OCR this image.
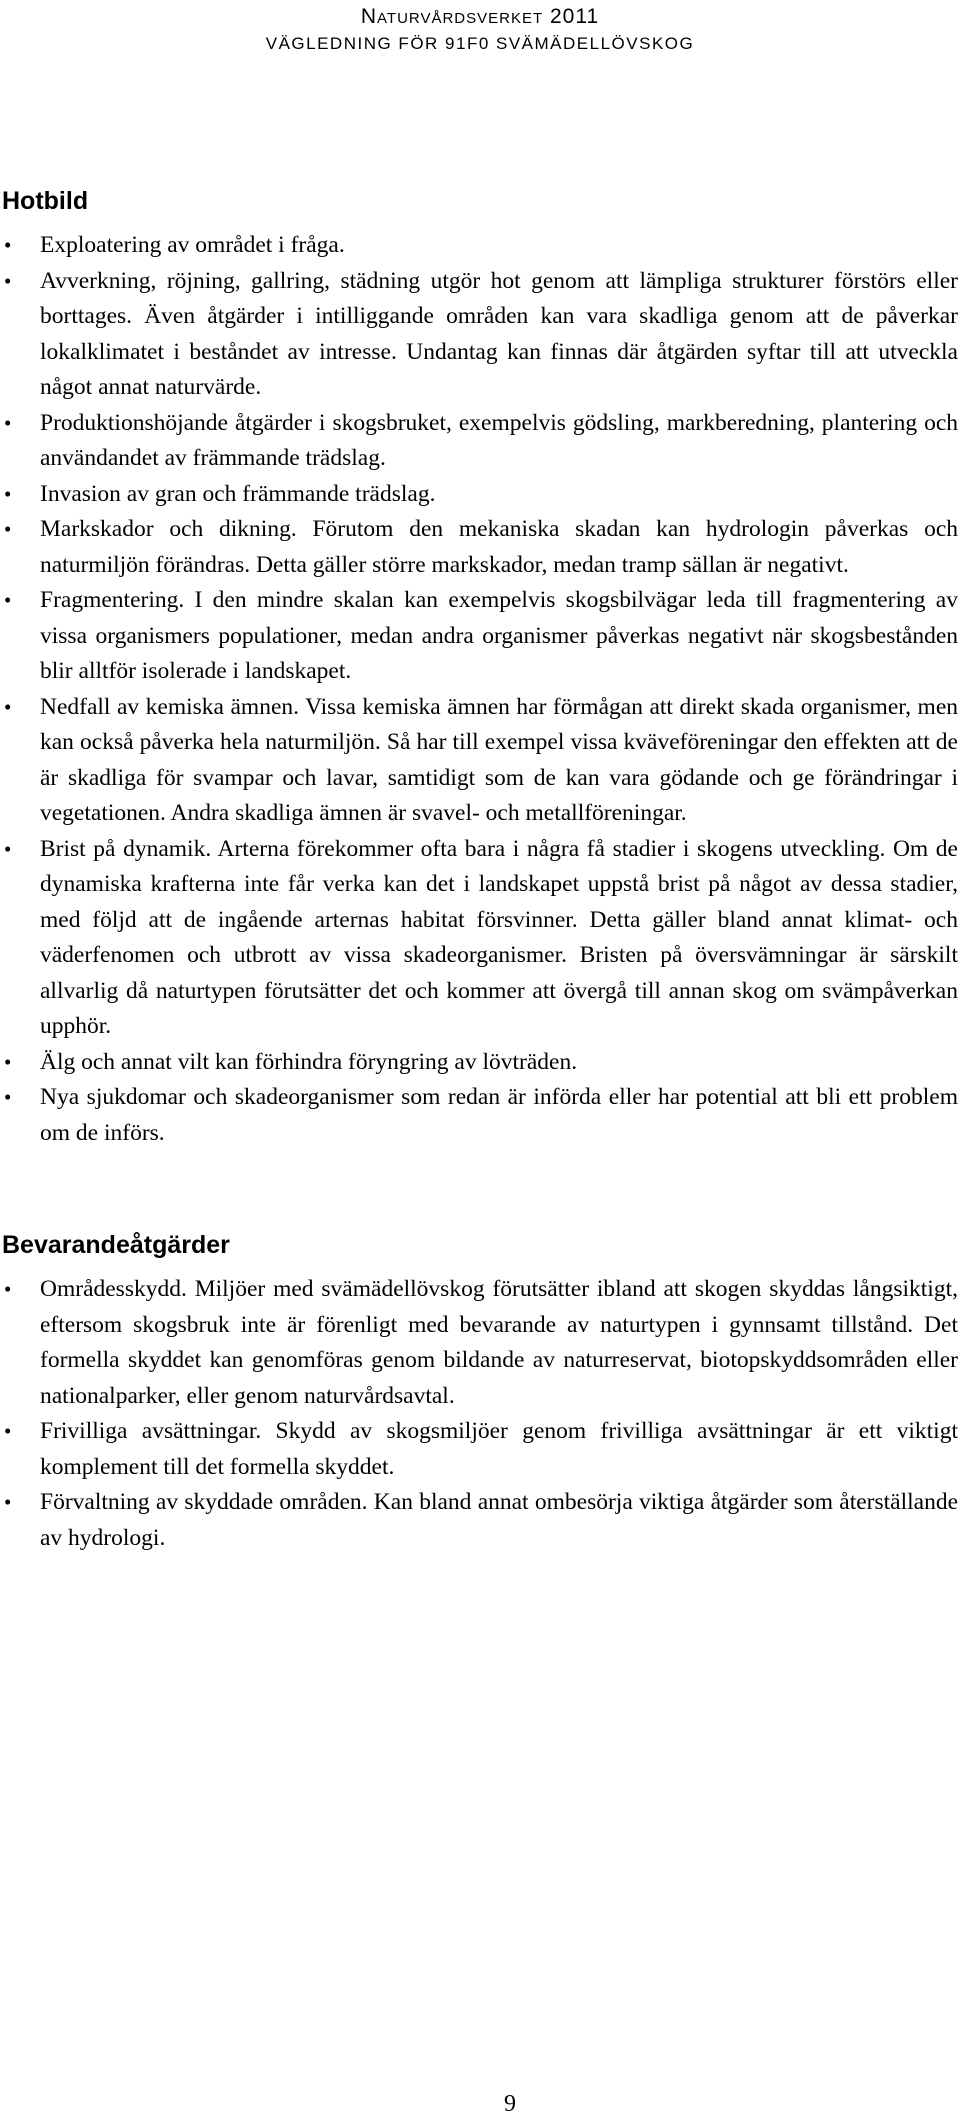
Naturvårdsverket 2011
VÄGLEDNING FÖR 91F0 SVÄMÄDELLÖVSKOG
Hotbild
• Exploatering av området i fråga.
• Avverkning, röjning, gallring, städning utgör hot genom att lämpliga strukturer förstörs eller borttages. Även åtgärder i intilliggande områden kan vara skadliga genom att de påverkar lokalklimatet i beståndet av intresse. Undantag kan finnas där åtgärden syftar till att utveckla något annat naturvärde.
• Produktionshöjande åtgärder i skogsbruket, exempelvis gödsling, markberedning, plantering och användandet av främmande trädslag.
• Invasion av gran och främmande trädslag.
• Markskador och dikning. Förutom den mekaniska skadan kan hydrologin påverkas och naturmiljön förändras. Detta gäller större markskador, medan tramp sällan är negativt.
• Fragmentering. I den mindre skalan kan exempelvis skogsbilvägar leda till fragmentering av vissa organismers populationer, medan andra organismer påverkas negativt när skogsbestånden blir alltför isolerade i landskapet.
• Nedfall av kemiska ämnen. Vissa kemiska ämnen har förmågan att direkt skada organismer, men kan också påverka hela naturmiljön. Så har till exempel vissa kväveföreningar den effekten att de är skadliga för svampar och lavar, samtidigt som de kan vara gödande och ge förändringar i vegetationen. Andra skadliga ämnen är svavel- och metallföreningar.
• Brist på dynamik. Arterna förekommer ofta bara i några få stadier i skogens utveckling. Om de dynamiska krafterna inte får verka kan det i landskapet uppstå brist på något av dessa stadier, med följd att de ingående arternas habitat försvinner. Detta gäller bland annat klimat- och väderfenomen och utbrott av vissa skadeorganismer. Bristen på översvämningar är särskilt allvarlig då naturtypen förutsätter det och kommer att övergå till annan skog om svämpåverkan upphör.
• Älg och annat vilt kan förhindra föryngring av lövträden.
• Nya sjukdomar och skadeorganismer som redan är införda eller har potential att bli ett problem om de införs.
Bevarandeåtgärder
• Områdesskydd. Miljöer med svämädellövskog förutsätter ibland att skogen skyddas långsiktigt, eftersom skogsbruk inte är förenligt med bevarande av naturtypen i gynnsamt tillstånd. Det formella skyddet kan genomföras genom bildande av naturreservat, biotopskyddsområden eller nationalparker, eller genom naturvårdsavtal.
• Frivilliga avsättningar. Skydd av skogsmiljöer genom frivilliga avsättningar är ett viktigt komplement till det formella skyddet.
• Förvaltning av skyddade områden. Kan bland annat ombesörja viktiga åtgärder som återställande av hydrologi.
9
